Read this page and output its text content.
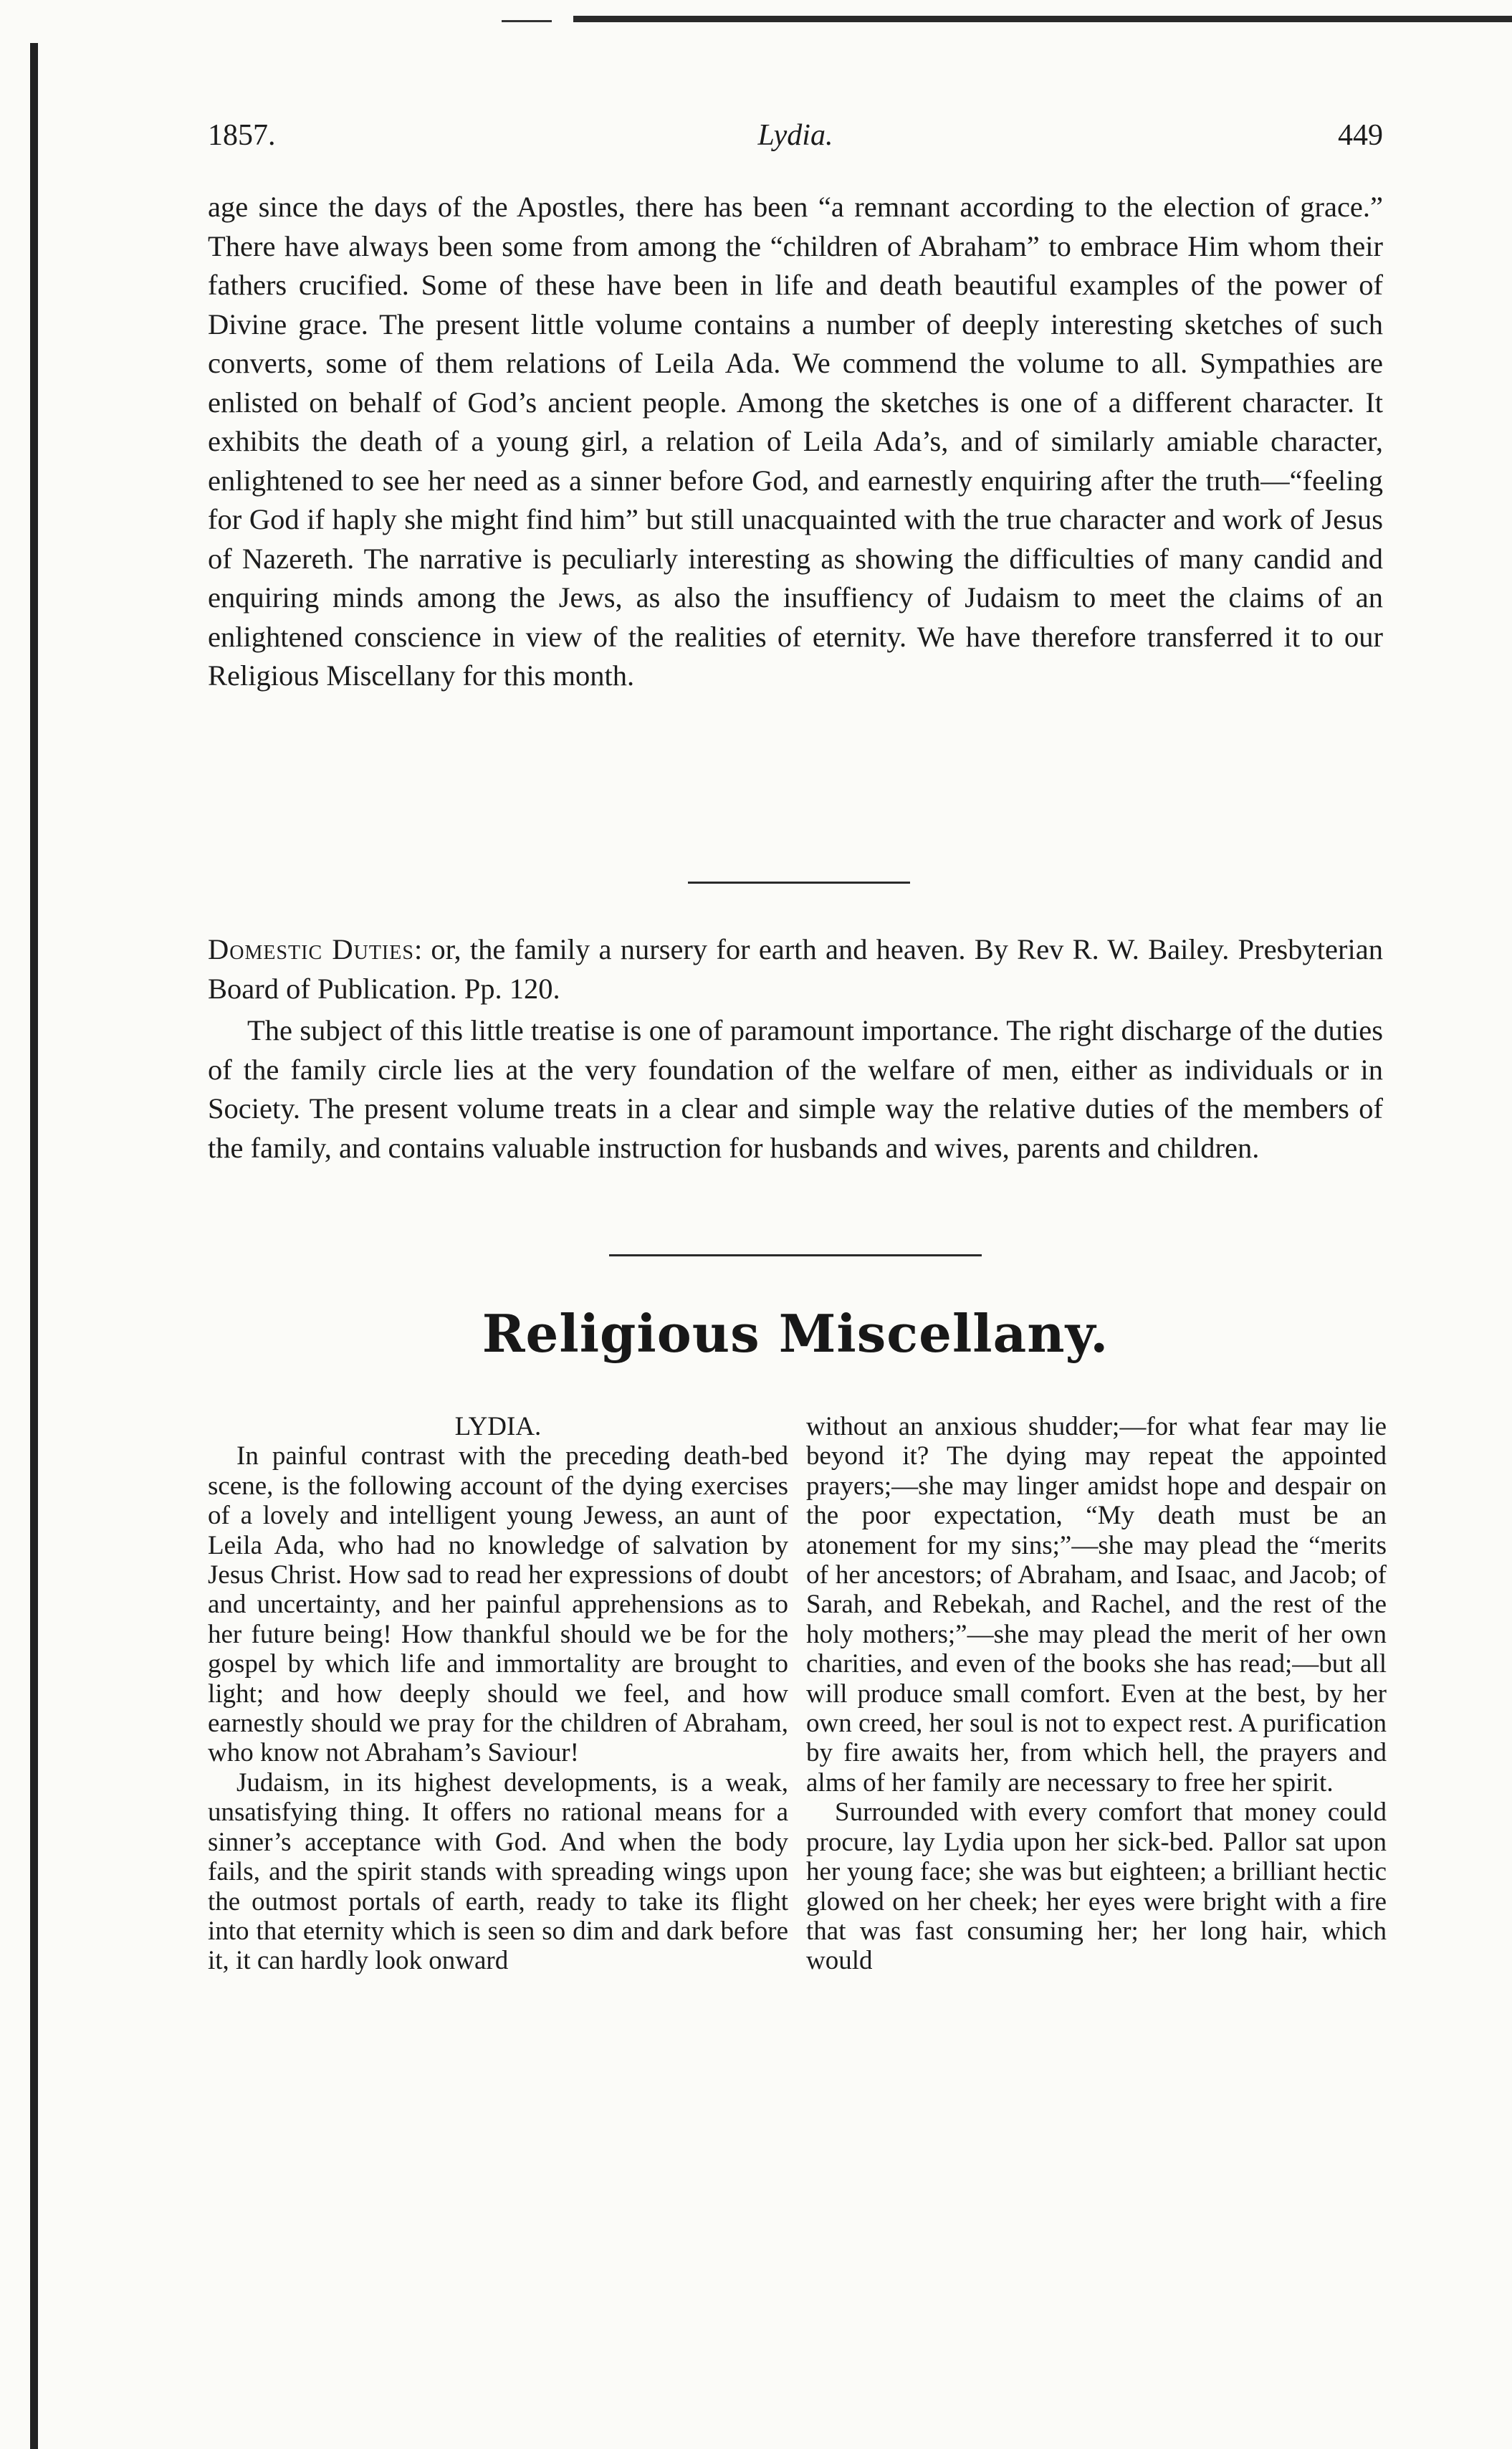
1857.	Lydia.	449

age since the days of the Apostles, there has been “a remnant according to the election of grace.” There have always been some from among the “children of Abraham” to embrace Him whom their fathers crucified. Some of these have been in life and death beautiful examples of the power of Divine grace. The present little volume contains a number of deeply interesting sketches of such converts, some of them relations of Leila Ada. We commend the volume to all. Sympathies are enlisted on behalf of God’s ancient people. Among the sketches is one of a different character. It exhibits the death of a young girl, a relation of Leila Ada’s, and of similarly amiable character, enlightened to see her need as a sinner before God, and earnestly enquiring after the truth—“feeling for God if haply she might find him” but still unacquainted with the true character and work of Jesus of Nazereth. The narrative is peculiarly interesting as showing the difficulties of many candid and enquiring minds among the Jews, as also the insuffiency of Judaism to meet the claims of an enlightened conscience in view of the realities of eternity. We have therefore transferred it to our Religious Miscellany for this month.

Domestic Duties: or, the family a nursery for earth and heaven. By Rev R. W. Bailey. Presbyterian Board of Publication. Pp. 120.

The subject of this little treatise is one of paramount importance. The right discharge of the duties of the family circle lies at the very foundation of the welfare of men, either as individuals or in Society. The present volume treats in a clear and simple way the relative duties of the members of the family, and contains valuable instruction for husbands and wives, parents and children.

Religious Miscellany.

LYDIA.

In painful contrast with the preceding death-bed scene, is the following account of the dying exercises of a lovely and intelligent young Jewess, an aunt of Leila Ada, who had no knowledge of salvation by Jesus Christ. How sad to read her expressions of doubt and uncertainty, and her painful apprehensions as to her future being! How thankful should we be for the gospel by which life and immortality are brought to light; and how deeply should we feel, and how earnestly should we pray for the children of Abraham, who know not Abraham’s Saviour!

Judaism, in its highest developments, is a weak, unsatisfying thing. It offers no rational means for a sinner’s acceptance with God. And when the body fails, and the spirit stands with spreading wings upon the outmost portals of earth, ready to take its flight into that eternity which is seen so dim and dark before it, it can hardly look onward

without an anxious shudder;—for what fear may lie beyond it? The dying may repeat the appointed prayers;—she may linger amidst hope and despair on the poor expectation, “My death must be an atonement for my sins;”—she may plead the “merits of her ancestors; of Abraham, and Isaac, and Jacob; of Sarah, and Rebekah, and Rachel, and the rest of the holy mothers;”—she may plead the merit of her own charities, and even of the books she has read;—but all will produce small comfort. Even at the best, by her own creed, her soul is not to expect rest. A purification by fire awaits her, from which hell, the prayers and alms of her family are necessary to free her spirit.

Surrounded with every comfort that money could procure, lay Lydia upon her sick-bed. Pallor sat upon her young face; she was but eighteen; a brilliant hectic glowed on her cheek; her eyes were bright with a fire that was fast consuming her; her long hair, which would
